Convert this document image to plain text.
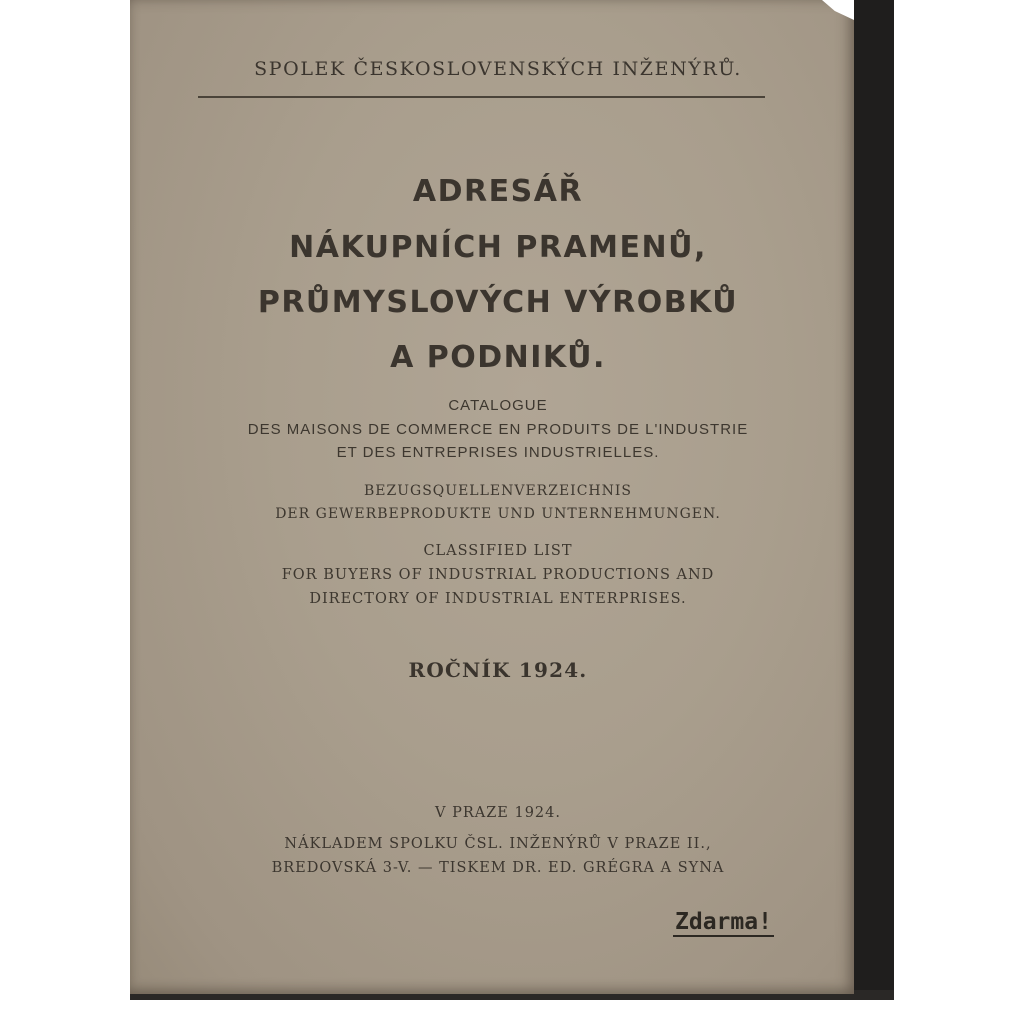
SPOLEK ČESKOSLOVENSKÝCH INŽENÝRŮ.

ADRESÁŘ
NÁKUPNÍCH PRAMENŮ,
PRŮMYSLOVÝCH VÝROBKŮ
A PODNIKŮ.

CATALOGUE

DES MAISONS DE COMMERCE EN PRODUITS DE L'INDUSTRIE

ET DES ENTREPRISES INDUSTRIELLES.

BEZUGSQUELLENVERZEICHNIS

DER GEWERBEPRODUKTE UND UNTERNEHMUNGEN.

CLASSIFIED LIST

FOR BUYERS OF INDUSTRIAL PRODUCTIONS AND

DIRECTORY OF INDUSTRIAL ENTERPRISES.

ROČNÍK 1924.

V PRAZE 1924.

NÁKLADEM SPOLKU ČSL. INŽENÝRŮ V PRAZE II.,

BREDOVSKÁ 3-V. — TISKEM DR. ED. GRÉGRA A SYNA

Zdarma!
